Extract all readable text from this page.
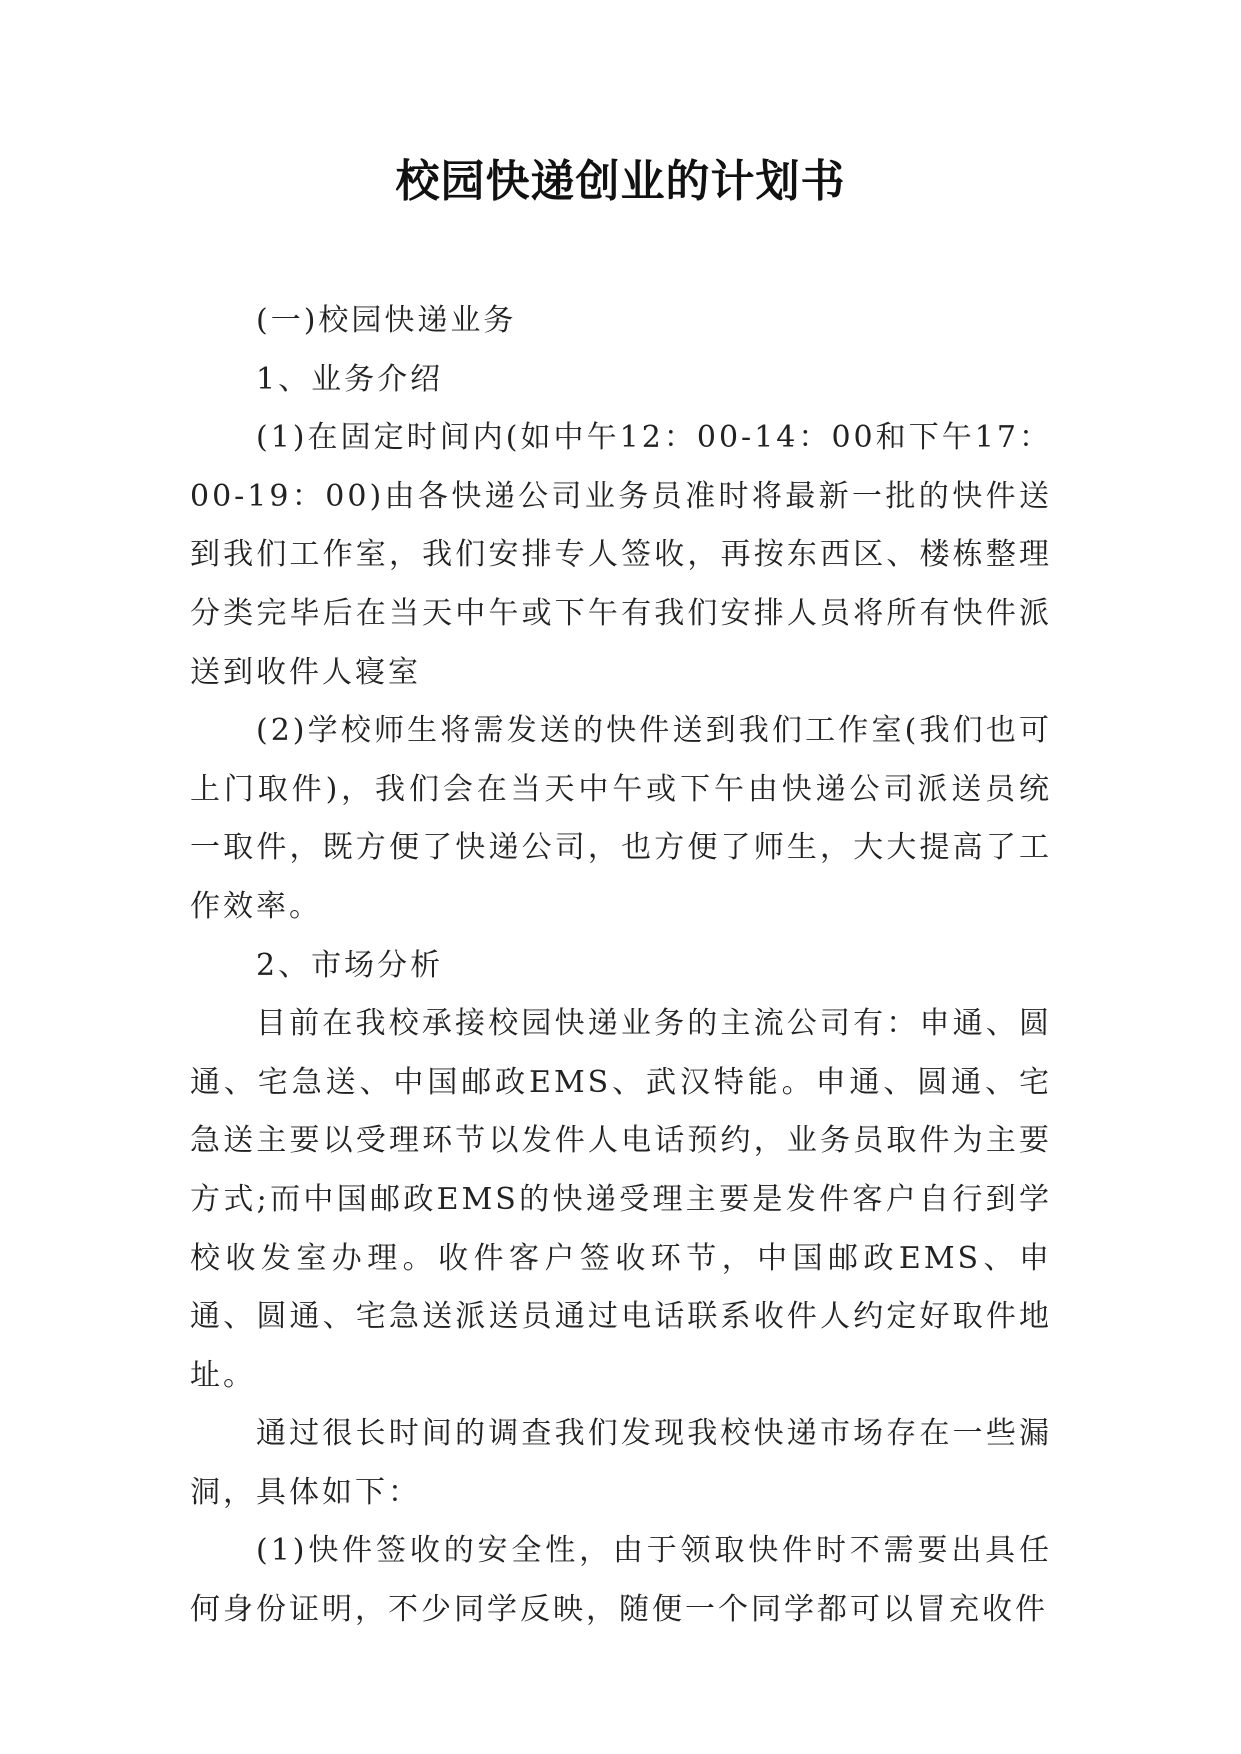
校园快递创业的计划书

(一)校园快递业务

1、业务介绍

(1)在固定时间内(如中午12：00-14：00和下午17：00-19：00)由各快递公司业务员准时将最新一批的快件送到我们工作室，我们安排专人签收，再按东西区、楼栋整理分类完毕后在当天中午或下午有我们安排人员将所有快件派送到收件人寝室

(2)学校师生将需发送的快件送到我们工作室(我们也可上门取件)，我们会在当天中午或下午由快递公司派送员统一取件，既方便了快递公司，也方便了师生，大大提高了工作效率。

2、市场分析

目前在我校承接校园快递业务的主流公司有：申通、圆通、宅急送、中国邮政EMS、武汉特能。申通、圆通、宅急送主要以受理环节以发件人电话预约，业务员取件为主要方式;而中国邮政EMS的快递受理主要是发件客户自行到学校收发室办理。收件客户签收环节，中国邮政EMS、申通、圆通、宅急送派送员通过电话联系收件人约定好取件地址。

通过很长时间的调查我们发现我校快递市场存在一些漏洞，具体如下：

(1)快件签收的安全性，由于领取快件时不需要出具任何身份证明，不少同学反映，随便一个同学都可以冒充收件
